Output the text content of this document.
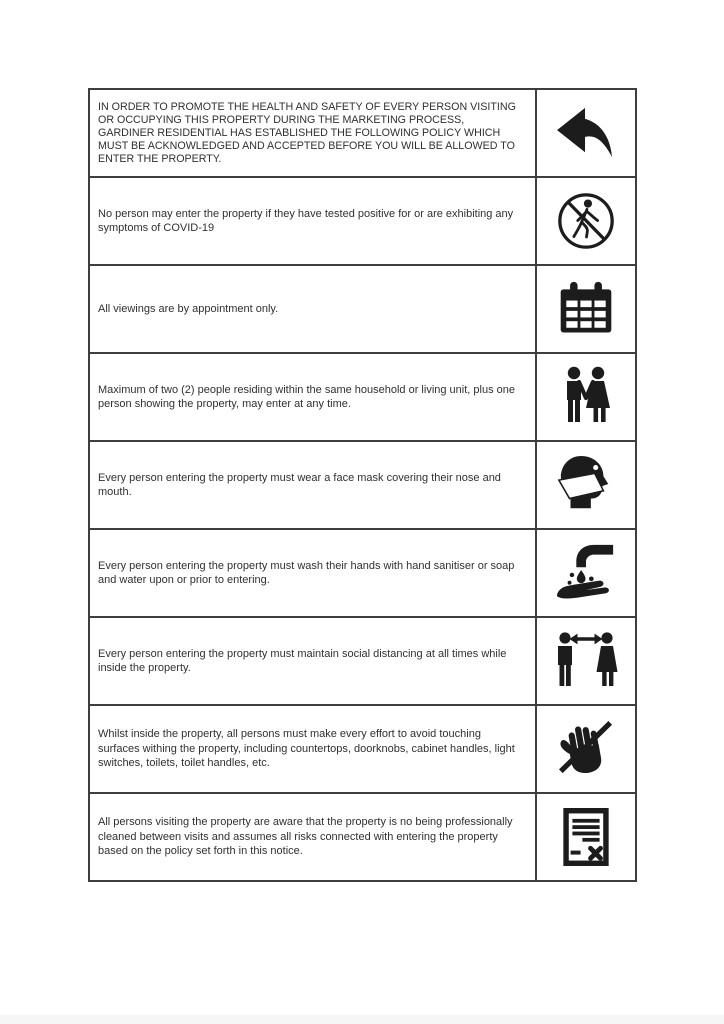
IN ORDER TO PROMOTE THE HEALTH AND SAFETY OF EVERY PERSON VISITING OR OCCUPYING THIS PROPERTY DURING THE MARKETING PROCESS, GARDINER RESIDENTIAL HAS ESTABLISHED THE FOLLOWING POLICY WHICH MUST BE ACKNOWLEDGED AND ACCEPTED BEFORE YOU WILL BE ALLOWED TO ENTER THE PROPERTY.
No person may enter the property if they have tested positive for or are exhibiting any symptoms of COVID-19
All viewings are by appointment only.
Maximum of two (2) people residing within the same household or living unit, plus one person showing the property, may enter at any time.
Every person entering the property must wear a face mask covering their nose and mouth.
Every person entering the property must wash their hands with hand sanitiser or soap and water upon or prior to entering.
Every person entering the property must maintain social distancing at all times while inside the property.
Whilst inside the property, all persons must make every effort to avoid touching surfaces withing the property, including countertops, doorknobs, cabinet handles, light switches, toilets, toilet handles, etc.
All persons visiting the property are aware that the property is no being professionally cleaned between visits and assumes all risks connected with entering the property based on the policy set forth in this notice.
